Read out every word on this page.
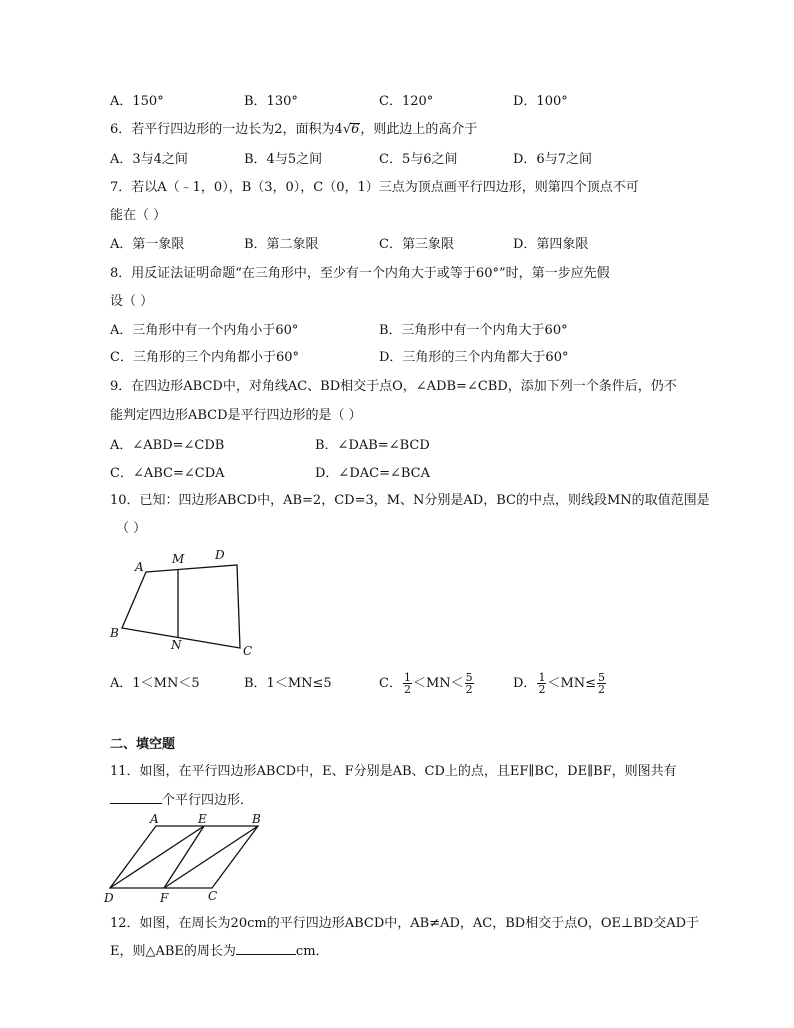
A．150°	B．130°	C．120°	D．100°
6．若平行四边形的一边长为2，面积为4√6，则此边上的高介于
A．3与4之间	B．4与5之间	C．5与6之间	D．6与7之间
7．若以A（﹣1，0），B（3，0），C（0，1）三点为顶点画平行四边形，则第四个顶点不可
能在（ ）
A．第一象限	B．第二象限	C．第三象限	D．第四象限
8．用反证法证明命题“在三角形中，至少有一个内角大于或等于60°”时，第一步应先假
设（ ）
A．三角形中有一个内角小于60°	B．三角形中有一个内角大于60°
C．三角形的三个内角都小于60°	D．三角形的三个内角都大于60°
9．在四边形ABCD中，对角线AC、BD相交于点O，∠ADB=∠CBD，添加下列一个条件后，仍不
能判定四边形ABCD是平行四边形的是（ ）
A．∠ABD=∠CDB	B．∠DAB=∠BCD
C．∠ABC=∠CDA	D．∠DAC=∠BCA
10．已知：四边形ABCD中，AB=2，CD=3，M、N分别是AD，BC的中点，则线段MN的取值范围是
（ ）
A
M	D
B
N	C
A．1＜MN＜5	B．1＜MN≤5	C． $\frac{1}{2} <MN< \frac{5}{2}$	D． $\frac{1}{2} <MN\le \frac{5}{2}$
二、填空题
11．如图，在平行四边形ABCD中，E、F分别是AB、CD上的点，且EF∥BC，DE∥BF，则图共有
个平行四边形．
A	E	B
D	F	C
12．如图，在周长为20cm的平行四边形ABCD中，AB≠AD，AC，BD相交于点O，OE⊥BD交AD于
E，则△ABE的周长为	cm．
